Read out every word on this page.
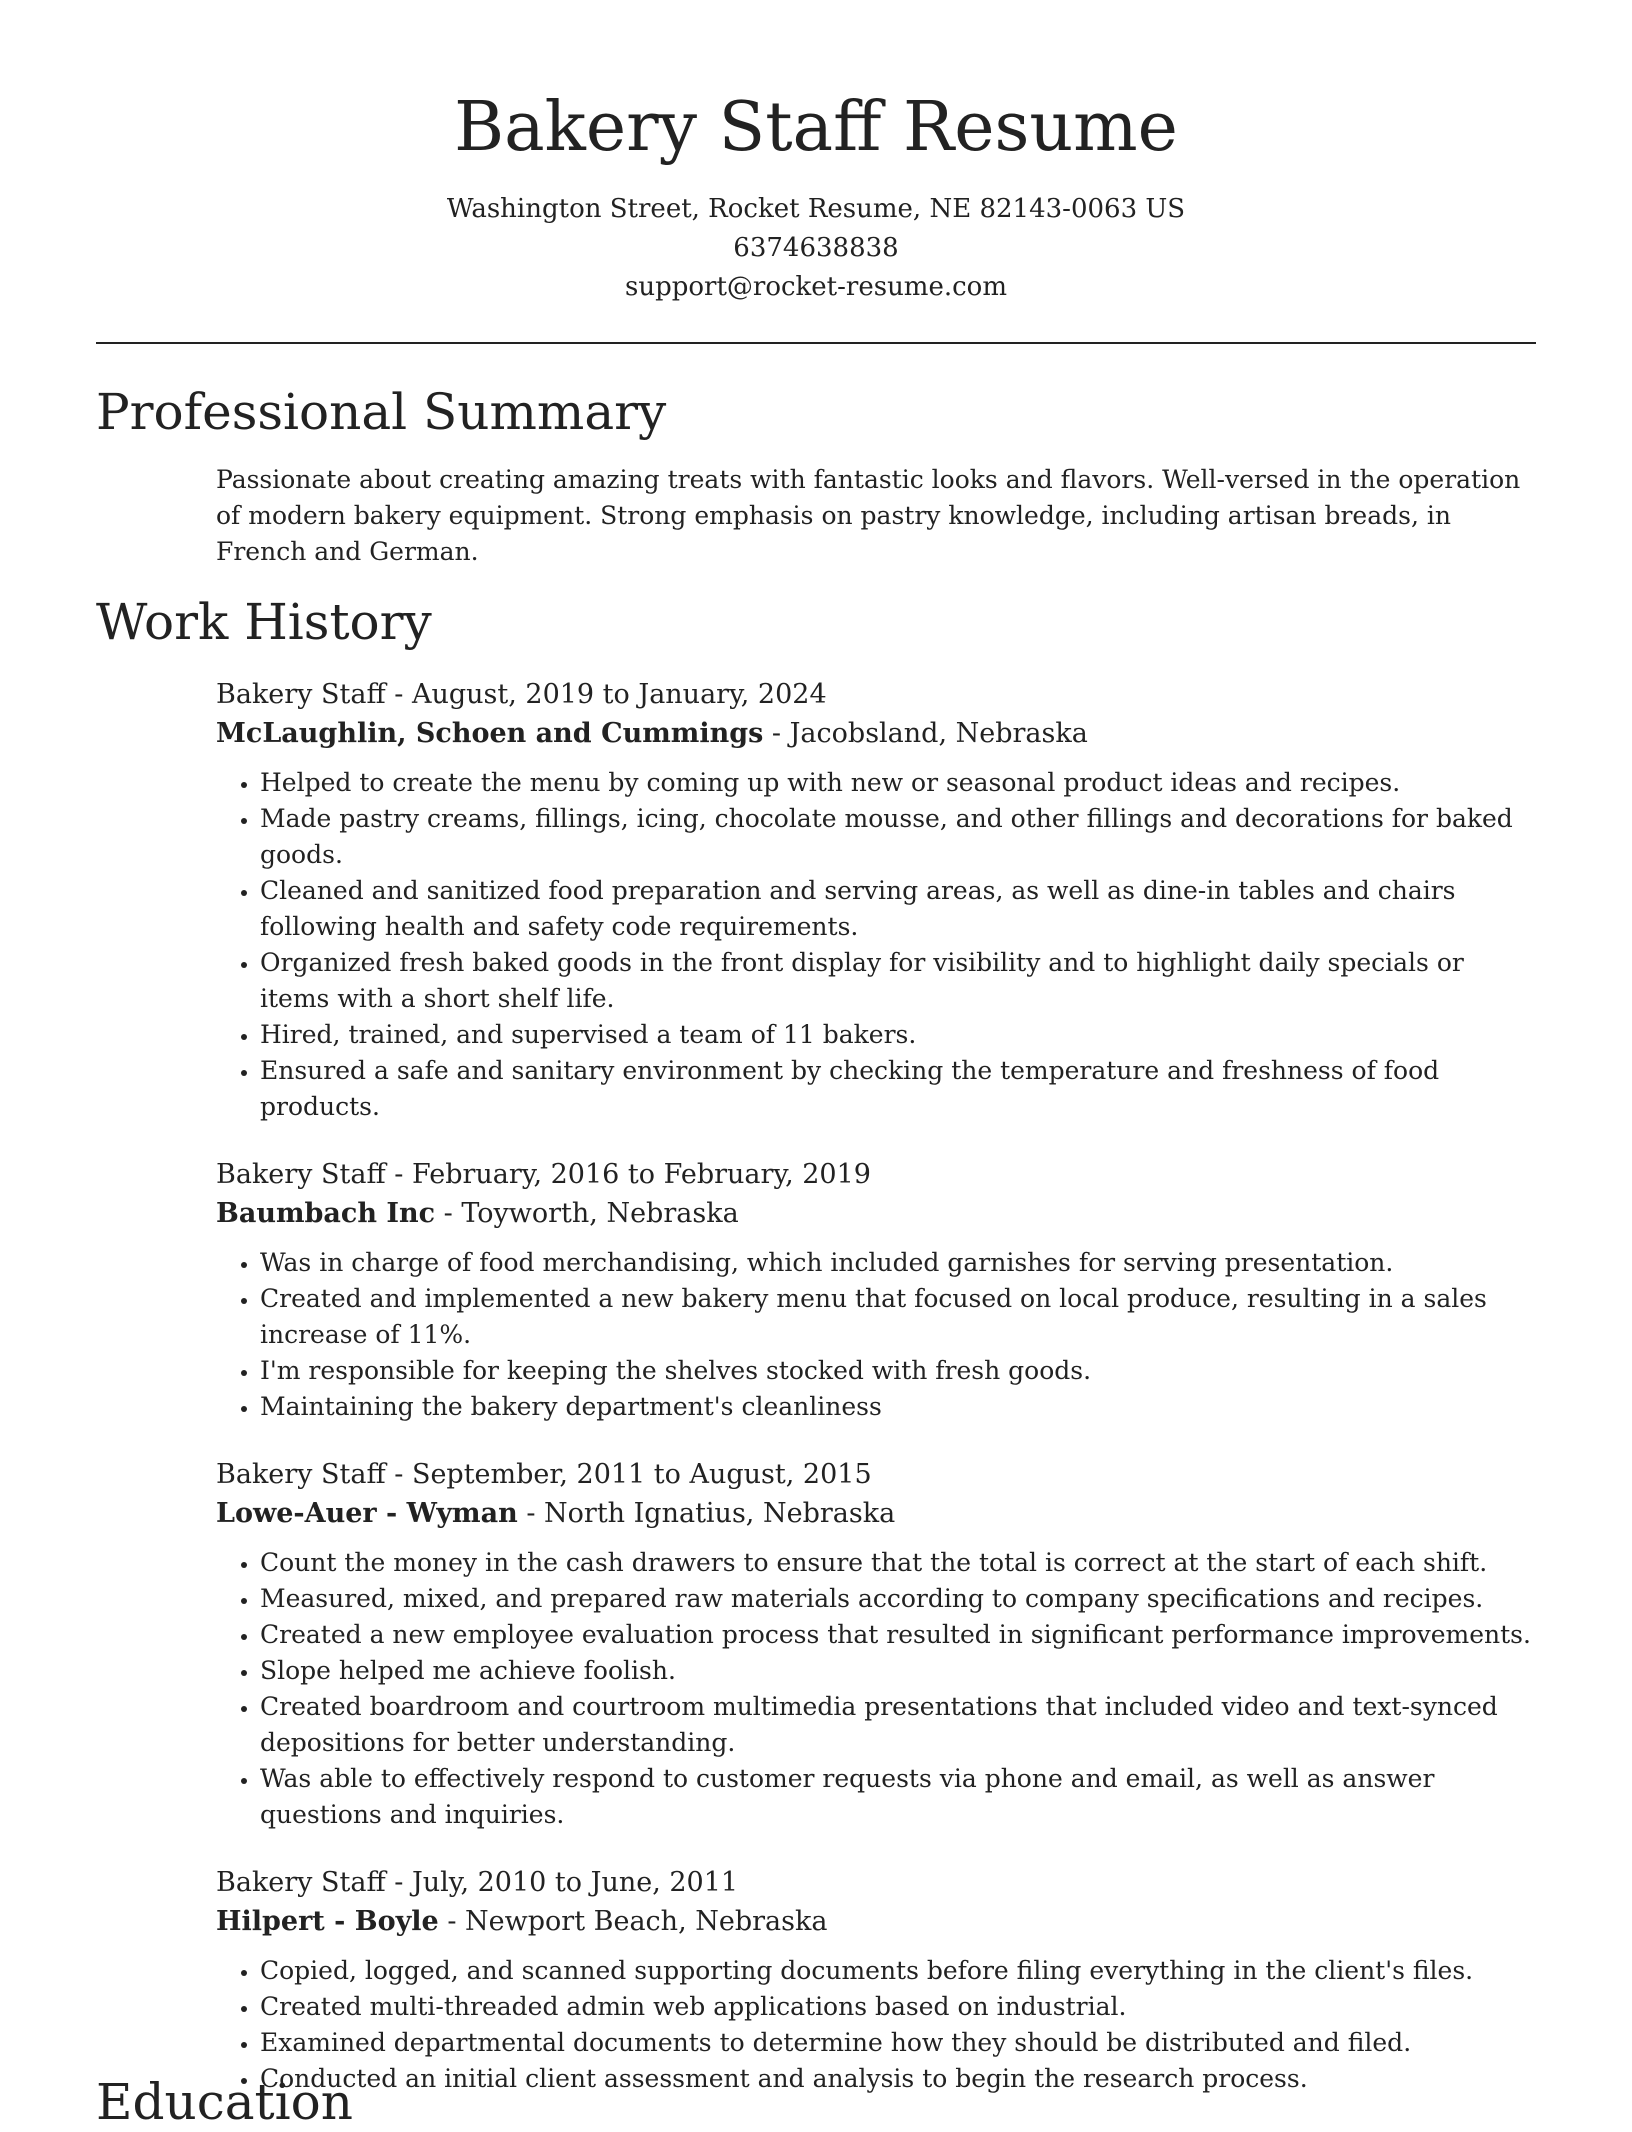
Bakery Staff Resume
Washington Street, Rocket Resume, NE 82143-0063 US
6374638838
support@rocket-resume.com
Professional Summary

Passionate about creating amazing treats with fantastic looks and flavors. Well-versed in the operation of modern bakery equipment. Strong emphasis on pastry knowledge, including artisan breads, in French and German.

Work History
Bakery Staff - August, 2019 to January, 2024
McLaughlin, Schoen and Cummings - Jacobsland, Nebraska
• Helped to create the menu by coming up with new or seasonal product ideas and recipes.
• Made pastry creams, fillings, icing, chocolate mousse, and other fillings and decorations for baked goods.
• Cleaned and sanitized food preparation and serving areas, as well as dine-in tables and chairs following health and safety code requirements.
• Organized fresh baked goods in the front display for visibility and to highlight daily specials or items with a short shelf life.
• Hired, trained, and supervised a team of 11 bakers.
• Ensured a safe and sanitary environment by checking the temperature and freshness of food products.
Bakery Staff - February, 2016 to February, 2019
Baumbach Inc - Toyworth, Nebraska
• Was in charge of food merchandising, which included garnishes for serving presentation.
• Created and implemented a new bakery menu that focused on local produce, resulting in a sales increase of 11%.
• I'm responsible for keeping the shelves stocked with fresh goods.
• Maintaining the bakery department's cleanliness
Bakery Staff - September, 2011 to August, 2015
Lowe-Auer - Wyman - North Ignatius, Nebraska
• Count the money in the cash drawers to ensure that the total is correct at the start of each shift.
• Measured, mixed, and prepared raw materials according to company specifications and recipes.
• Created a new employee evaluation process that resulted in significant performance improvements.
• Slope helped me achieve foolish.
• Created boardroom and courtroom multimedia presentations that included video and text-synced depositions for better understanding.
• Was able to effectively respond to customer requests via phone and email, as well as answer questions and inquiries.
Bakery Staff - July, 2010 to June, 2011
Hilpert - Boyle - Newport Beach, Nebraska
• Copied, logged, and scanned supporting documents before filing everything in the client's files.
• Created multi-threaded admin web applications based on industrial.
• Examined departmental documents to determine how they should be distributed and filed.
• Conducted an initial client assessment and analysis to begin the research process.
Education
